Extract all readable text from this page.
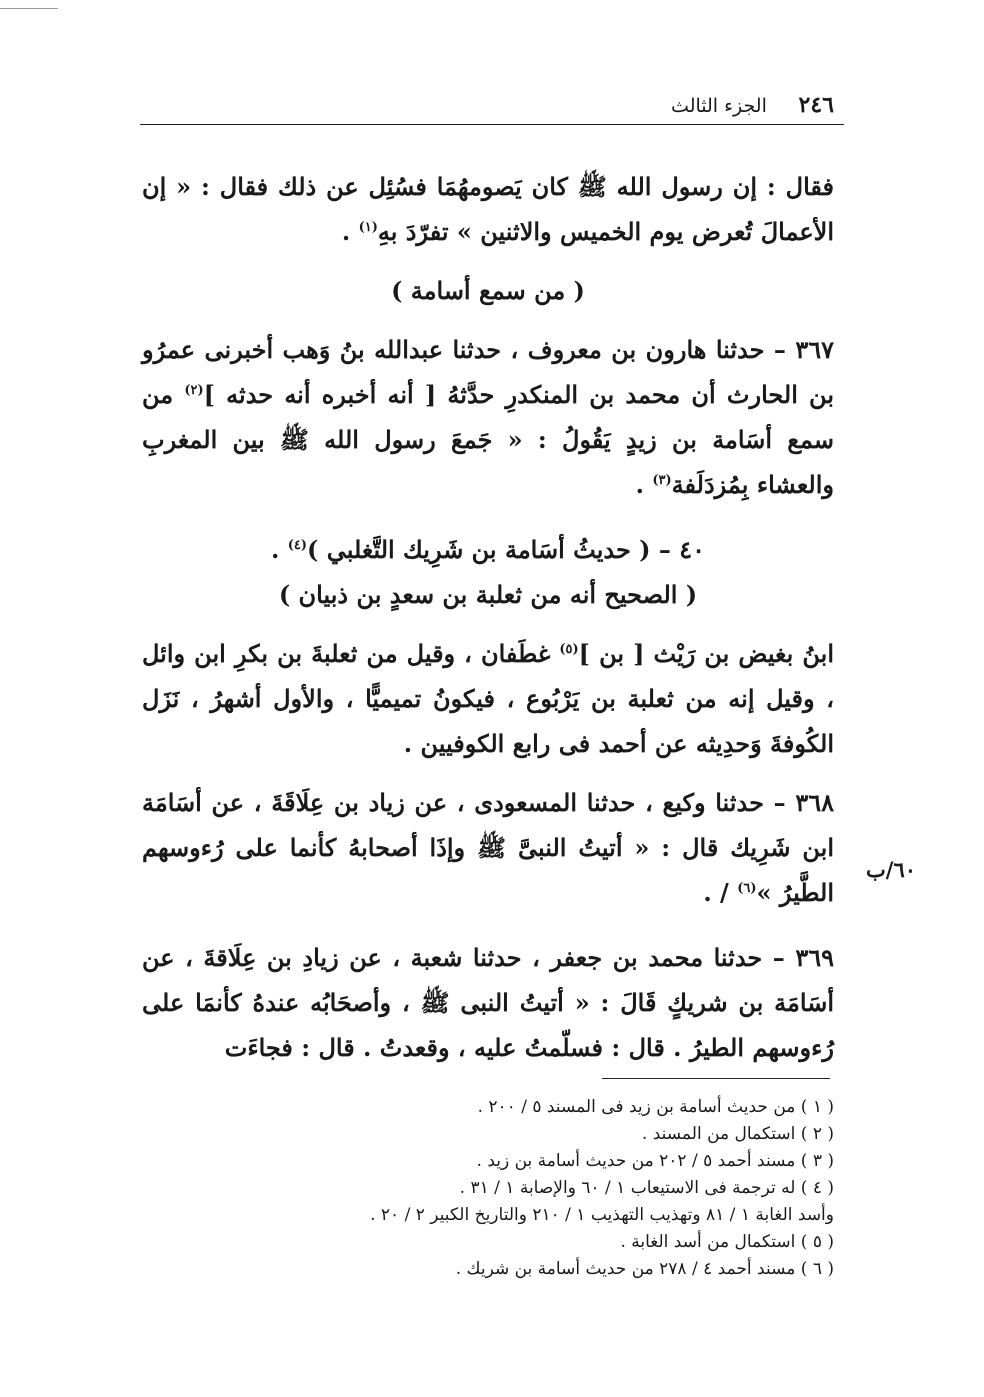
٢٤٦ الجزء الثالث

فقال : إن رسول الله ﷺ كان يَصومهُمَا فسُئِل عن ذلك فقال : « إن الأعمالَ تُعرض يوم الخميس والاثنين » تفرّدَ بهِ$^{(١)}$ .

( من سمع أسامة )

٣٦٧ – حدثنا هارون بن معروف ، حدثنا عبدالله بنُ وَهب أخبرنى عمرُو بن الحارث أن محمد بن المنكدرِ حدَّثهُ [ أنه أخبره أنه حدثه ]$^{(٢)}$ من سمع أسَامة بن زيدٍ يَقُولُ : « جَمعَ رسول الله ﷺ بين المغربِ والعشاء بِمُزدَلَفة$^{(٣)}$ .

٤٠ – ( حديثُ أسَامة بن شَرِيك التَّغلبي )$^{(٤)}$ .
( الصحيح أنه من ثعلبة بن سعدٍ بن ذبيان )

ابنُ بغيض بن رَيْث [ بن ]$^{(٥)}$ غطَفان ، وقيل من ثعلبةَ بن بكرِ ابن وائل ، وقيل إنه من ثعلبة بن يَرْبُوع ، فيكونُ تميميًّا ، والأول أشهرُ ، نَزَل الكُوفةَ وَحدِيثه عن أحمد فى رابع الكوفيين .

٣٦٨ – حدثنا وكيع ، حدثنا المسعودى ، عن زياد بن عِلَاقَةَ ، عن أسَامَة ابن شَرِيك قال : « أتيتُ النبىَّ ﷺ وإذَا أصحابهُ كأنما على رُءوسهم الطَّيرُ »$^{(٦)}$ / .

٣٦٩ – حدثنا محمد بن جعفر ، حدثنا شعبة ، عن زيادِ بن عِلَاقةَ ، عن أسَامَة بن شريكٍ قَالَ : « أتيتُ النبى ﷺ ، وأصحَابُه عندهُ كأنمَا على رُءوسهم الطيرُ . قال : فسلّمتُ عليه ، وقعدتُ . قال : فجاءَت

٦٠/ب
( ١ ) من حديث أسامة بن زيد فى المسند ٥ / ٢٠٠ .
( ٢ ) استكمال من المسند .
( ٣ ) مسند أحمد ٥ / ٢٠٢ من حديث أسامة بن زيد .
( ٤ ) له ترجمة فى الاستيعاب ١ / ٦٠ والإصابة ١ / ٣١ .
وأسد الغابة ١ / ٨١ وتهذيب التهذيب ١ / ٢١٠ والتاريخ الكبير ٢ / ٢٠ .
( ٥ ) استكمال من أسد الغابة .
( ٦ ) مسند أحمد ٤ / ٢٧٨ من حديث أسامة بن شريك .
